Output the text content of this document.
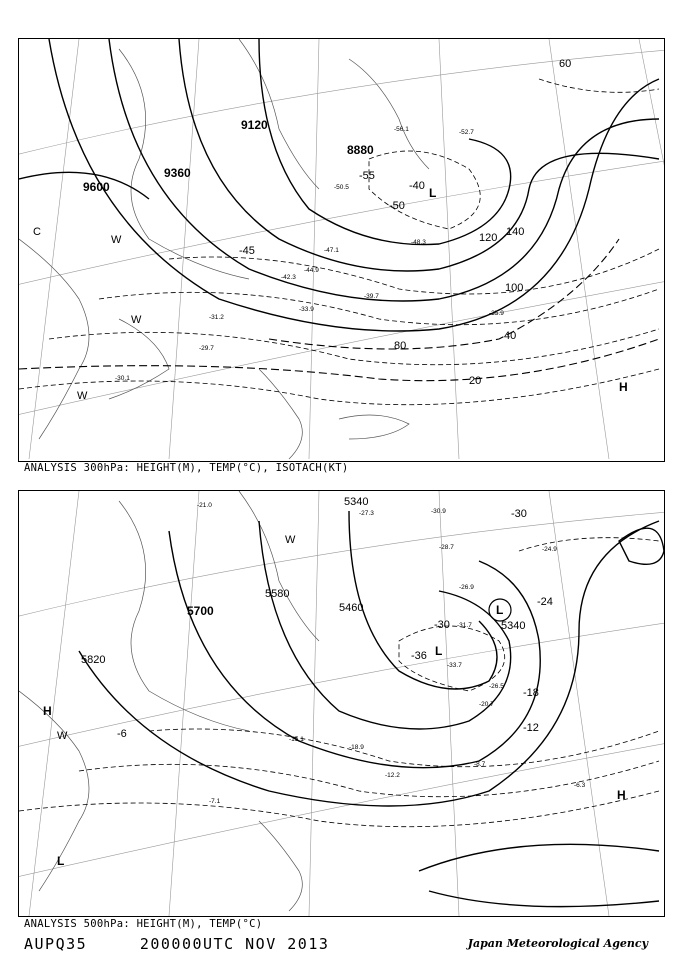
9600
9360
9120
8880
20
40
60
80
100
120 140
-55
-50
-45
-40 L
H
W
W
W
C
-48.3
-47.1
-44.9
-42.3
-39.7
-35.9
-33.9
-30.1
-29.7
-31.2
-50.5
-52.7
-56.1
ANALYSIS 300hPa: HEIGHT(M), TEMP(°C), ISOTACH(KT)
5820
5700
5580
5460
5340
5340
-36
-30
-30
-24
-18
-12
-6
L
L
H
H
L
W
W
-30.9
-28.7
-26.9
-31.7
-33.7
-26.5
-20.7
-18.9
-15.1
-12.2
-8.7
-7.1
-6.3
-24.9
-27.3
-21.0
ANALYSIS 500hPa: HEIGHT(M), TEMP(°C)
AUPQ35	200000UTC NOV 2013	Japan Meteorological Agency
